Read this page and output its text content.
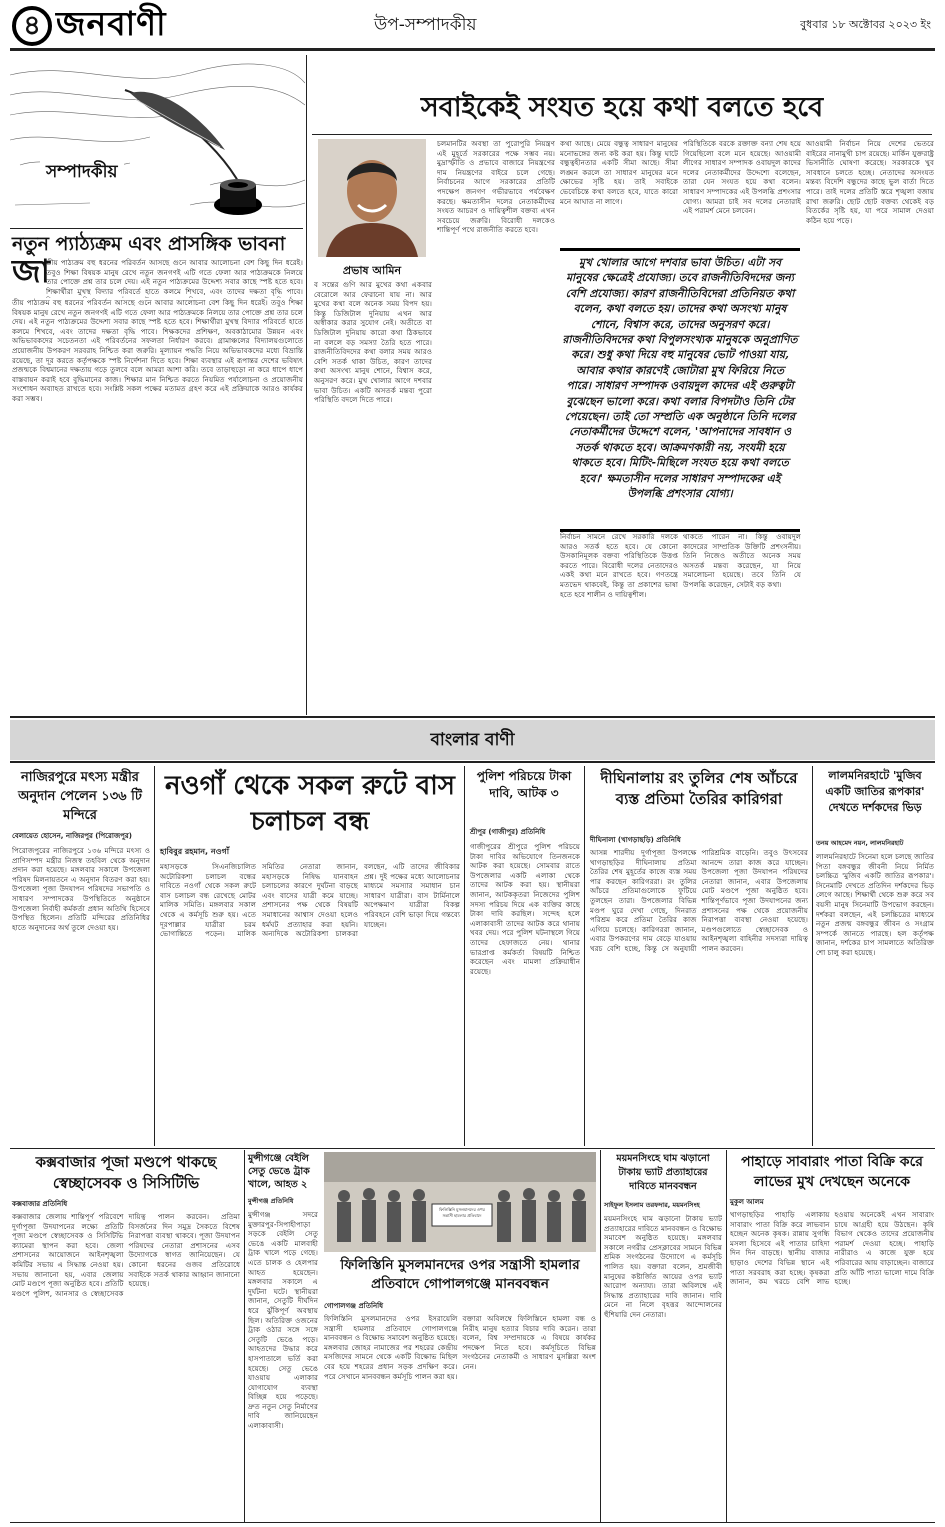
৪ জনবাণী	উপ-সম্পাদকীয়	বুধবার ১৮ অক্টোবর ২০২৩ ইং
সম্পাদকীয়
নতুন প্যাঠ্যক্রম এবং প্রাসঙ্গিক ভাবনা
জা
তীয় পাঠ্যক্রম বহু ধরনের পরিবর্তন আসছে গুনে আবার আলোচনা বেশ কিছু দিন ধরেই। তবুও শিক্ষা বিষয়ক মানুষ রেখে নতুন জনগণই এটি গতে ফেলা আর পাঠ্যক্রমকে নিলয়ে তার পোক্তে প্রশ্ন তার চলে দেয়। এই নতুন পাঠ্যক্রমের উদ্দেশ্য সবার কাছে স্পষ্ট হতে হবে। শিক্ষার্থীরা মুখস্থ বিদ্যার পরিবর্তে হাতে কলমে শিখবে, এবং তাদের দক্ষতা বৃদ্ধি পাবে।
তীয় পাঠ্যক্রম বহু ধরনের পরিবর্তন আসছে গুনে আবার আলোচনা বেশ কিছু দিন ধরেই। তবুও শিক্ষা বিষয়ক মানুষ রেখে নতুন জনগণই এটি গতে ফেলা আর পাঠ্যক্রমকে নিলয়ে তার পোক্তে প্রশ্ন তার চলে দেয়। এই নতুন পাঠ্যক্রমের উদ্দেশ্য সবার কাছে স্পষ্ট হতে হবে। শিক্ষার্থীরা মুখস্থ বিদ্যার পরিবর্তে হাতে কলমে শিখবে, এবং তাদের দক্ষতা বৃদ্ধি পাবে। শিক্ষকদের প্রশিক্ষণ, অবকাঠামোর উন্নয়ন এবং অভিভাবকদের সচেতনতা এই পরিবর্তনের সফলতা নির্ধারণ করবে। গ্রামাঞ্চলের বিদ্যালয়গুলোতে প্রয়োজনীয় উপকরণ সরবরাহ নিশ্চিত করা জরুরি। মূল্যায়ন পদ্ধতি নিয়ে অভিভাবকদের মধ্যে বিভ্রান্তি রয়েছে, তা দূর করতে কর্তৃপক্ষকে স্পষ্ট নির্দেশনা দিতে হবে। শিক্ষা ব্যবস্থার এই রূপান্তর দেশের ভবিষ্যৎ প্রজন্মকে বিশ্বমানের দক্ষতায় গড়ে তুলবে বলে আমরা আশা করি। তবে তাড়াহুড়ো না করে ধাপে ধাপে বাস্তবায়ন করাই হবে বুদ্ধিমানের কাজ। শিক্ষার মান নিশ্চিত করতে নিয়মিত পর্যালোচনা ও প্রয়োজনীয় সংশোধন অব্যাহত রাখতে হবে। সংশ্লিষ্ট সকল পক্ষের মতামত গ্রহণ করে এই প্রক্রিয়াকে আরও কার্যকর করা সম্ভব।
সবাইকেই সংযত হয়ে কথা বলতে হবে
প্রভাষ আমিন
ব সন্তের গুণি আর মুখের কথা একবার বেরোলে আর ফেরানো যায় না। আর মুখের কথা বলে অনেক সময় বিপদ হয়। কিন্তু ডিজিটাল দুনিয়ায় এখন আর অস্বীকার করার সুযোগ নেই। অতীতে বা ডিজিটাল দুনিয়ায় কারো কথা ঠিকভাবে না বললে বড় সমস্যা তৈরি হতে পারে। রাজনীতিবিদদের কথা বলার সময় আরও বেশি সতর্ক থাকা উচিত, কারণ তাদের কথা অসংখ্য মানুষ শোনে, বিশ্বাস করে, অনুসরণ করে। মুখ খোলার আগে দশবার ভাবা উচিত। একটি অসতর্ক মন্তব্য পুরো পরিস্থিতি বদলে দিতে পারে।
চলমানটির অবস্থা তা পুরোপুরি নিয়ন্ত্রণ এই মুহূর্তে সরকারের পক্ষে সম্ভব নয়। মুদ্রাস্ফীতি ও প্রভাবে বাজারে নিয়ন্ত্রণের দাম নিয়ন্ত্রণের বাইরে চলে গেছে। নির্বাচনের আগে সরকারের প্রতিটি পদক্ষেপ জনগণ গভীরভাবে পর্যবেক্ষণ করছে। ক্ষমতাসীন দলের নেতাকর্মীদের সংযত আচরণ ও দায়িত্বশীল বক্তব্য এখন সবচেয়ে জরুরি। বিরোধী দলকেও শান্তিপূর্ণ পথে রাজনীতি করতে হবে।
কথা আছে। মেয়ে বন্ধুত্ব সাধারণ মানুষের মনোভঙ্গের জন্য কষ্ট করা হয়। কিন্তু ঘাটে বন্ধুত্বহীনতার একটি সীমা আছে। সীমা লঙ্ঘন করলে তা সাধারণ মানুষের মনে ক্ষোভের সৃষ্টি হয়। তাই সবাইকে ভেবেচিন্তে কথা বলতে হবে, যাতে কারো মনে আঘাত না লাগে।
পরিস্থিতিকে বরকে রক্তাক্ত বন্যা শেষ হয়ে গিয়েছিলো বলে মনে হয়েছে। আওয়ামী লীগের সাধারণ সম্পাদক ওবায়দুল কাদের দলের নেতাকর্মীদের উদ্দেশ্যে বলেছেন, তারা যেন সংযত হয়ে কথা বলেন। সাধারণ সম্পাদকের এই উপলব্ধি প্রশংসার যোগ্য। আমরা চাই সব দলের নেতারাই এই পরামর্শ মেনে চলবেন।
আওয়ামী নির্বাচন নিয়ে দেশের ভেতরে বাইরের নানামুখী চাপ রয়েছে। মার্কিন যুক্তরাষ্ট্র ভিসানীতি ঘোষণা করেছে। সরকারকে খুব সাবধানে চলতে হচ্ছে। নেতাদের অসংযত মন্তব্য বিদেশি বন্ধুদের কাছে ভুল বার্তা দিতে পারে। তাই দলের প্রতিটি স্তরে শৃঙ্খলা বজায় রাখা জরুরি। ছোট ছোট বক্তব্য থেকেই বড় বিতর্কের সৃষ্টি হয়, যা পরে সামাল দেওয়া কঠিন হয়ে পড়ে।
মুখ খোলার আগে দশবার ভাবা উচিত। এটা সব মানুষের ক্ষেত্রেই প্রযোজ্য। তবে রাজনীতিবিদদের জন্য বেশি প্রযোজ্য। কারণ রাজনীতিবিদেরা প্রতিনিয়ত কথা বলেন, কথা বলতে হয়। তাদের কথা অসংখ্য মানুষ শোনে, বিশ্বাস করে, তাদের অনুসরণ করে। রাজনীতিবিদদের কথা বিপুলসংখ্যক মানুষকে অনুপ্রাণিত করে। শুধু কথা দিয়ে বহু মানুষের ভোট পাওয়া যায়, আবার কথার কারণেই জোটারা মুখ ফিরিয়ে নিতে পারে। সাধারণ সম্পাদক ওবায়দুল কাদের এই গুরুত্বটা বুঝেছেন ভালো করে। কথা বলার বিপদটাও তিনি টের পেয়েছেন। তাই তো সম্প্রতি এক অনুষ্ঠানে তিনি দলের নেতাকর্মীদের উদ্দেশে বলেন, 'আপনাদের সাবধান ও সতর্ক থাকতে হবে। আক্রমণকারী নয়, সংযমী হয়ে থাকতে হবে। মিটিং-মিছিলে সংযত হয়ে কথা বলতে হবে।' ক্ষমতাসীন দলের সাধারণ সম্পাদকের এই উপলব্ধি প্রশংসার যোগ্য।
নির্বাচন সামনে রেখে সরকারি দলকে আরও সতর্ক হতে হবে। যে কোনো উসকানিমূলক বক্তব্য পরিস্থিতিকে উত্তপ্ত করতে পারে। বিরোধী দলের নেতাদেরও একই কথা মনে রাখতে হবে। গণতন্ত্রে মতভেদ থাকবেই, কিন্তু তা প্রকাশের ভাষা হতে হবে শালীন ও দায়িত্বশীল।
থাকতে পারেন না। কিন্তু ওবায়দুল কাদেরের সাম্প্রতিক উক্তিটি প্রশংসনীয়। তিনি নিজেও অতীতে অনেক সময় অসতর্ক মন্তব্য করেছেন, যা নিয়ে সমালোচনা হয়েছে। তবে তিনি যে উপলব্ধি করেছেন, সেটাই বড় কথা।
বাংলার বাণী
নাজিরপুরে মৎস্য মন্ত্রীর অনুদান পেলেন ১৩৬ টি মন্দিরে
বেলায়েত হোসেন, নাজিরপুর (পিরোজপুর)
পিরোজপুরের নাজিরপুরে ১৩৬ মন্দিরে মৎস্য ও প্রাণিসম্পদ মন্ত্রীর নিজস্ব তহবিল থেকে অনুদান প্রদান করা হয়েছে। মঙ্গলবার সকালে উপজেলা পরিষদ মিলনায়তনে এ অনুদান বিতরণ করা হয়। উপজেলা পূজা উদযাপন পরিষদের সভাপতি ও সাধারণ সম্পাদকের উপস্থিতিতে অনুষ্ঠানে উপজেলা নির্বাহী কর্মকর্তা প্রধান অতিথি হিসেবে উপস্থিত ছিলেন। প্রতিটি মন্দিরের প্রতিনিধির হাতে অনুদানের অর্থ তুলে দেওয়া হয়।
নওগাঁ থেকে সকল রুটে বাস চলাচল বন্ধ
হাবিবুর রহমান, নওগাঁ
মহাসড়কে সিএনজিচালিত অটোরিকশা চলাচল বন্ধের দাবিতে নওগাঁ থেকে সকল রুটে বাস চলাচল বন্ধ রেখেছে মোটর মালিক সমিতি। মঙ্গলবার সকাল থেকে এ কর্মসূচি শুরু হয়। এতে দূরপাল্লার যাত্রীরা চরম ভোগান্তিতে পড়েন। মালিক সমিতির নেতারা জানান, মহাসড়কে নিষিদ্ধ যানবাহন চলাচলের কারণে দুর্ঘটনা বাড়ছে এবং বাসের যাত্রী কমে যাচ্ছে। প্রশাসনের পক্ষ থেকে বিষয়টি সমাধানের আশ্বাস দেওয়া হলেও ধর্মঘট প্রত্যাহার করা হয়নি। অন্যদিকে অটোরিকশা চালকরা বলছেন, এটি তাদের জীবিকার প্রশ্ন। দুই পক্ষের মধ্যে আলোচনার মাধ্যমে সমস্যার সমাধান চান সাধারণ যাত্রীরা। বাস টার্মিনালে অপেক্ষমাণ যাত্রীরা বিকল্প পরিবহনে বেশি ভাড়া দিয়ে গন্তব্যে যাচ্ছেন।
পুলিশ পরিচয়ে টাকা দাবি, আটক ৩
শ্রীপুর (গাজীপুর) প্রতিনিধি
গাজীপুরের শ্রীপুরে পুলিশ পরিচয়ে টাকা দাবির অভিযোগে তিনজনকে আটক করা হয়েছে। সোমবার রাতে উপজেলার একটি এলাকা থেকে তাদের আটক করা হয়। স্থানীয়রা জানান, আটককৃতরা নিজেদের পুলিশ সদস্য পরিচয় দিয়ে এক ব্যক্তির কাছে টাকা দাবি করছিল। সন্দেহ হলে এলাকাবাসী তাদের আটক করে থানায় খবর দেয়। পরে পুলিশ ঘটনাস্থলে গিয়ে তাদের হেফাজতে নেয়। থানার ভারপ্রাপ্ত কর্মকর্তা বিষয়টি নিশ্চিত করেছেন এবং মামলা প্রক্রিয়াধীন রয়েছে।
দীঘিনালায় রং তুলির শেষ আঁচরে ব্যস্ত প্রতিমা তৈরির কারিগরা
দীঘিনালা (খাগড়াছড়ি) প্রতিনিধি
আসন্ন শারদীয় দুর্গাপূজা উপলক্ষে খাগড়াছড়ির দীঘিনালায় প্রতিমা তৈরির শেষ মুহূর্তের কাজে ব্যস্ত সময় পার করছেন কারিগররা। রং তুলির আঁচরে প্রতিমাগুলোকে ফুটিয়ে তুলছেন তারা। উপজেলার বিভিন্ন মণ্ডপ ঘুরে দেখা গেছে, দিনরাত পরিশ্রম করে প্রতিমা তৈরির কাজ এগিয়ে চলেছে। কারিগররা জানান, এবার উপকরণের দাম বেড়ে যাওয়ায় খরচ বেশি হচ্ছে, কিন্তু সে অনুযায়ী পারিশ্রমিক বাড়েনি। তবুও উৎসবের আনন্দে তারা কাজ করে যাচ্ছেন। উপজেলা পূজা উদযাপন পরিষদের নেতারা জানান, এবার উপজেলায় মোট মণ্ডপে পূজা অনুষ্ঠিত হবে। শান্তিপূর্ণভাবে পূজা উদযাপনের জন্য প্রশাসনের পক্ষ থেকে প্রয়োজনীয় নিরাপত্তা ব্যবস্থা নেওয়া হয়েছে। মণ্ডপগুলোতে স্বেচ্ছাসেবক ও আইনশৃঙ্খলা বাহিনীর সদস্যরা দায়িত্ব পালন করবেন।
লালমনিরহাটে 'মুজিব একটি জাতির রূপকার' দেখতে দর্শকদের ভিড়
তনয় আহমেদ নয়ন, লালমনিরহাট
লালমনিরহাটে সিনেমা হলে চলছে জাতির পিতা বঙ্গবন্ধুর জীবনী নিয়ে নির্মিত চলচ্চিত্র 'মুজিব একটি জাতির রূপকার'। সিনেমাটি দেখতে প্রতিদিন দর্শকদের ভিড় লেগে আছে। শিক্ষার্থী থেকে শুরু করে সব বয়সী মানুষ সিনেমাটি উপভোগ করছেন। দর্শকরা বলছেন, এই চলচ্চিত্রের মাধ্যমে নতুন প্রজন্ম বঙ্গবন্ধুর জীবন ও সংগ্রাম সম্পর্কে জানতে পারছে। হল কর্তৃপক্ষ জানান, দর্শকের চাপ সামলাতে অতিরিক্ত শো চালু করা হয়েছে।
কক্সবাজার পূজা মণ্ডপে থাকছে স্বেচ্ছাসেবক ও সিসিটিভি
কক্সবাজার প্রতিনিধি
কক্সবাজার জেলায় শান্তিপূর্ণ পরিবেশে দুর্গাপূজা উদযাপনের লক্ষ্যে প্রতিটি পূজা মণ্ডপে স্বেচ্ছাসেবক ও সিসিটিভি ক্যামেরা স্থাপন করা হবে। জেলা প্রশাসনের আয়োজনে আইনশৃঙ্খলা কমিটির সভায় এ সিদ্ধান্ত নেওয়া হয়। সভায় জানানো হয়, এবার জেলায় মোট মণ্ডপে পূজা অনুষ্ঠিত হবে। প্রতিটি মণ্ডপে পুলিশ, আনসার ও স্বেচ্ছাসেবক দায়িত্ব পালন করবেন। প্রতিমা বিসর্জনের দিন সমুদ্র সৈকতে বিশেষ নিরাপত্তা ব্যবস্থা থাকবে। পূজা উদযাপন পরিষদের নেতারা প্রশাসনের এসব উদ্যোগকে স্বাগত জানিয়েছেন। যে কোনো ধরনের গুজব প্রতিরোধে সবাইকে সতর্ক থাকার আহ্বান জানানো হয়েছে।
মুন্সীগঞ্জে বেইলি সেতু ভেঙে ট্রাক খালে, আহত ২
মুন্সীগঞ্জ প্রতিনিধি
মুন্সীগঞ্জ সদরে মুক্তারপুর-সিপাহীপাড়া সড়কে বেইলি সেতু ভেঙে একটি মালবাহী ট্রাক খালে পড়ে গেছে। এতে চালক ও হেলপার আহত হয়েছেন। মঙ্গলবার সকালে এ দুর্ঘটনা ঘটে। স্থানীয়রা জানান, সেতুটি দীর্ঘদিন ধরে ঝুঁকিপূর্ণ অবস্থায় ছিল। অতিরিক্ত ওজনের ট্রাক ওঠার সঙ্গে সঙ্গে সেতুটি ভেঙে পড়ে। আহতদের উদ্ধার করে হাসপাতালে ভর্তি করা হয়েছে। সেতু ভেঙে যাওয়ায় এলাকার যোগাযোগ ব্যবস্থা বিচ্ছিন্ন হয়ে পড়েছে। দ্রুত নতুন সেতু নির্মাণের দাবি জানিয়েছেন এলাকাবাসী।
ফিলিস্তিনি মুসলমানদের ওপর সন্ত্রাসী হামলার প্রতিবাদে
ফিলিস্তিনি মুসলমানদের ওপর সন্ত্রাসী হামলার প্রতিবাদে গোপালগঞ্জে মানববন্ধন
গোপালগঞ্জ প্রতিনিধি
ফিলিস্তিনি মুসলমানদের ওপর ইসরায়েলি সন্ত্রাসী হামলার প্রতিবাদে গোপালগঞ্জে মানববন্ধন ও বিক্ষোভ সমাবেশ অনুষ্ঠিত হয়েছে। মঙ্গলবার জোহর নামাজের পর শহরের কেন্দ্রীয় মসজিদের সামনে থেকে একটি বিক্ষোভ মিছিল বের হয়ে শহরের প্রধান সড়ক প্রদক্ষিণ করে। পরে সেখানে মানববন্ধন কর্মসূচি পালন করা হয়। বক্তারা অবিলম্বে ফিলিস্তিনে হামলা বন্ধ ও নিরীহ মানুষ হত্যার বিচার দাবি করেন। তারা বলেন, বিশ্ব সম্প্রদায়কে এ বিষয়ে কার্যকর পদক্ষেপ নিতে হবে। কর্মসূচিতে বিভিন্ন সংগঠনের নেতাকর্মী ও সাধারণ মুসল্লিরা অংশ নেন।
ময়মনসিংহে ঘাম ঝড়ানো টাকায় ভ্যাট প্রত্যাহারের দাবিতে মানববন্ধন
সাইফুল ইসলাম তরফদার, ময়মনসিংহ
ময়মনসিংহে ঘাম ঝড়ানো টাকায় ভ্যাট প্রত্যাহারের দাবিতে মানববন্ধন ও বিক্ষোভ সমাবেশ অনুষ্ঠিত হয়েছে। মঙ্গলবার সকালে নগরীর প্রেসক্লাবের সামনে বিভিন্ন শ্রমিক সংগঠনের উদ্যোগে এ কর্মসূচি পালিত হয়। বক্তারা বলেন, শ্রমজীবী মানুষের কষ্টার্জিত আয়ের ওপর ভ্যাট আরোপ অন্যায্য। তারা অবিলম্বে এই সিদ্ধান্ত প্রত্যাহারের দাবি জানান। দাবি মেনে না নিলে বৃহত্তর আন্দোলনের হুঁশিয়ারি দেন নেতারা।
পাহাড়ে সাবারাং পাতা বিক্রি করে লাভের মুখ দেখছেন অনেকে
মুকুল আলম
খাগড়াছড়ির পাহাড়ি এলাকায় সাবারাং পাতা বিক্রি করে লাভবান হচ্ছেন অনেক কৃষক। রান্নায় সুগন্ধি মসলা হিসেবে এই পাতার চাহিদা দিন দিন বাড়ছে। স্থানীয় বাজার ছাড়াও দেশের বিভিন্ন স্থানে এই পাতা সরবরাহ করা হচ্ছে। কৃষকরা জানান, কম খরচে বেশি লাভ হওয়ায় অনেকেই এখন সাবারাং চাষে আগ্রহী হয়ে উঠছেন। কৃষি বিভাগ থেকেও তাদের প্রয়োজনীয় পরামর্শ দেওয়া হচ্ছে। পাহাড়ি নারীরাও এ কাজে যুক্ত হয়ে পরিবারের আয় বাড়াচ্ছেন। বাজারে প্রতি আঁটি পাতা ভালো দামে বিক্রি হচ্ছে।
